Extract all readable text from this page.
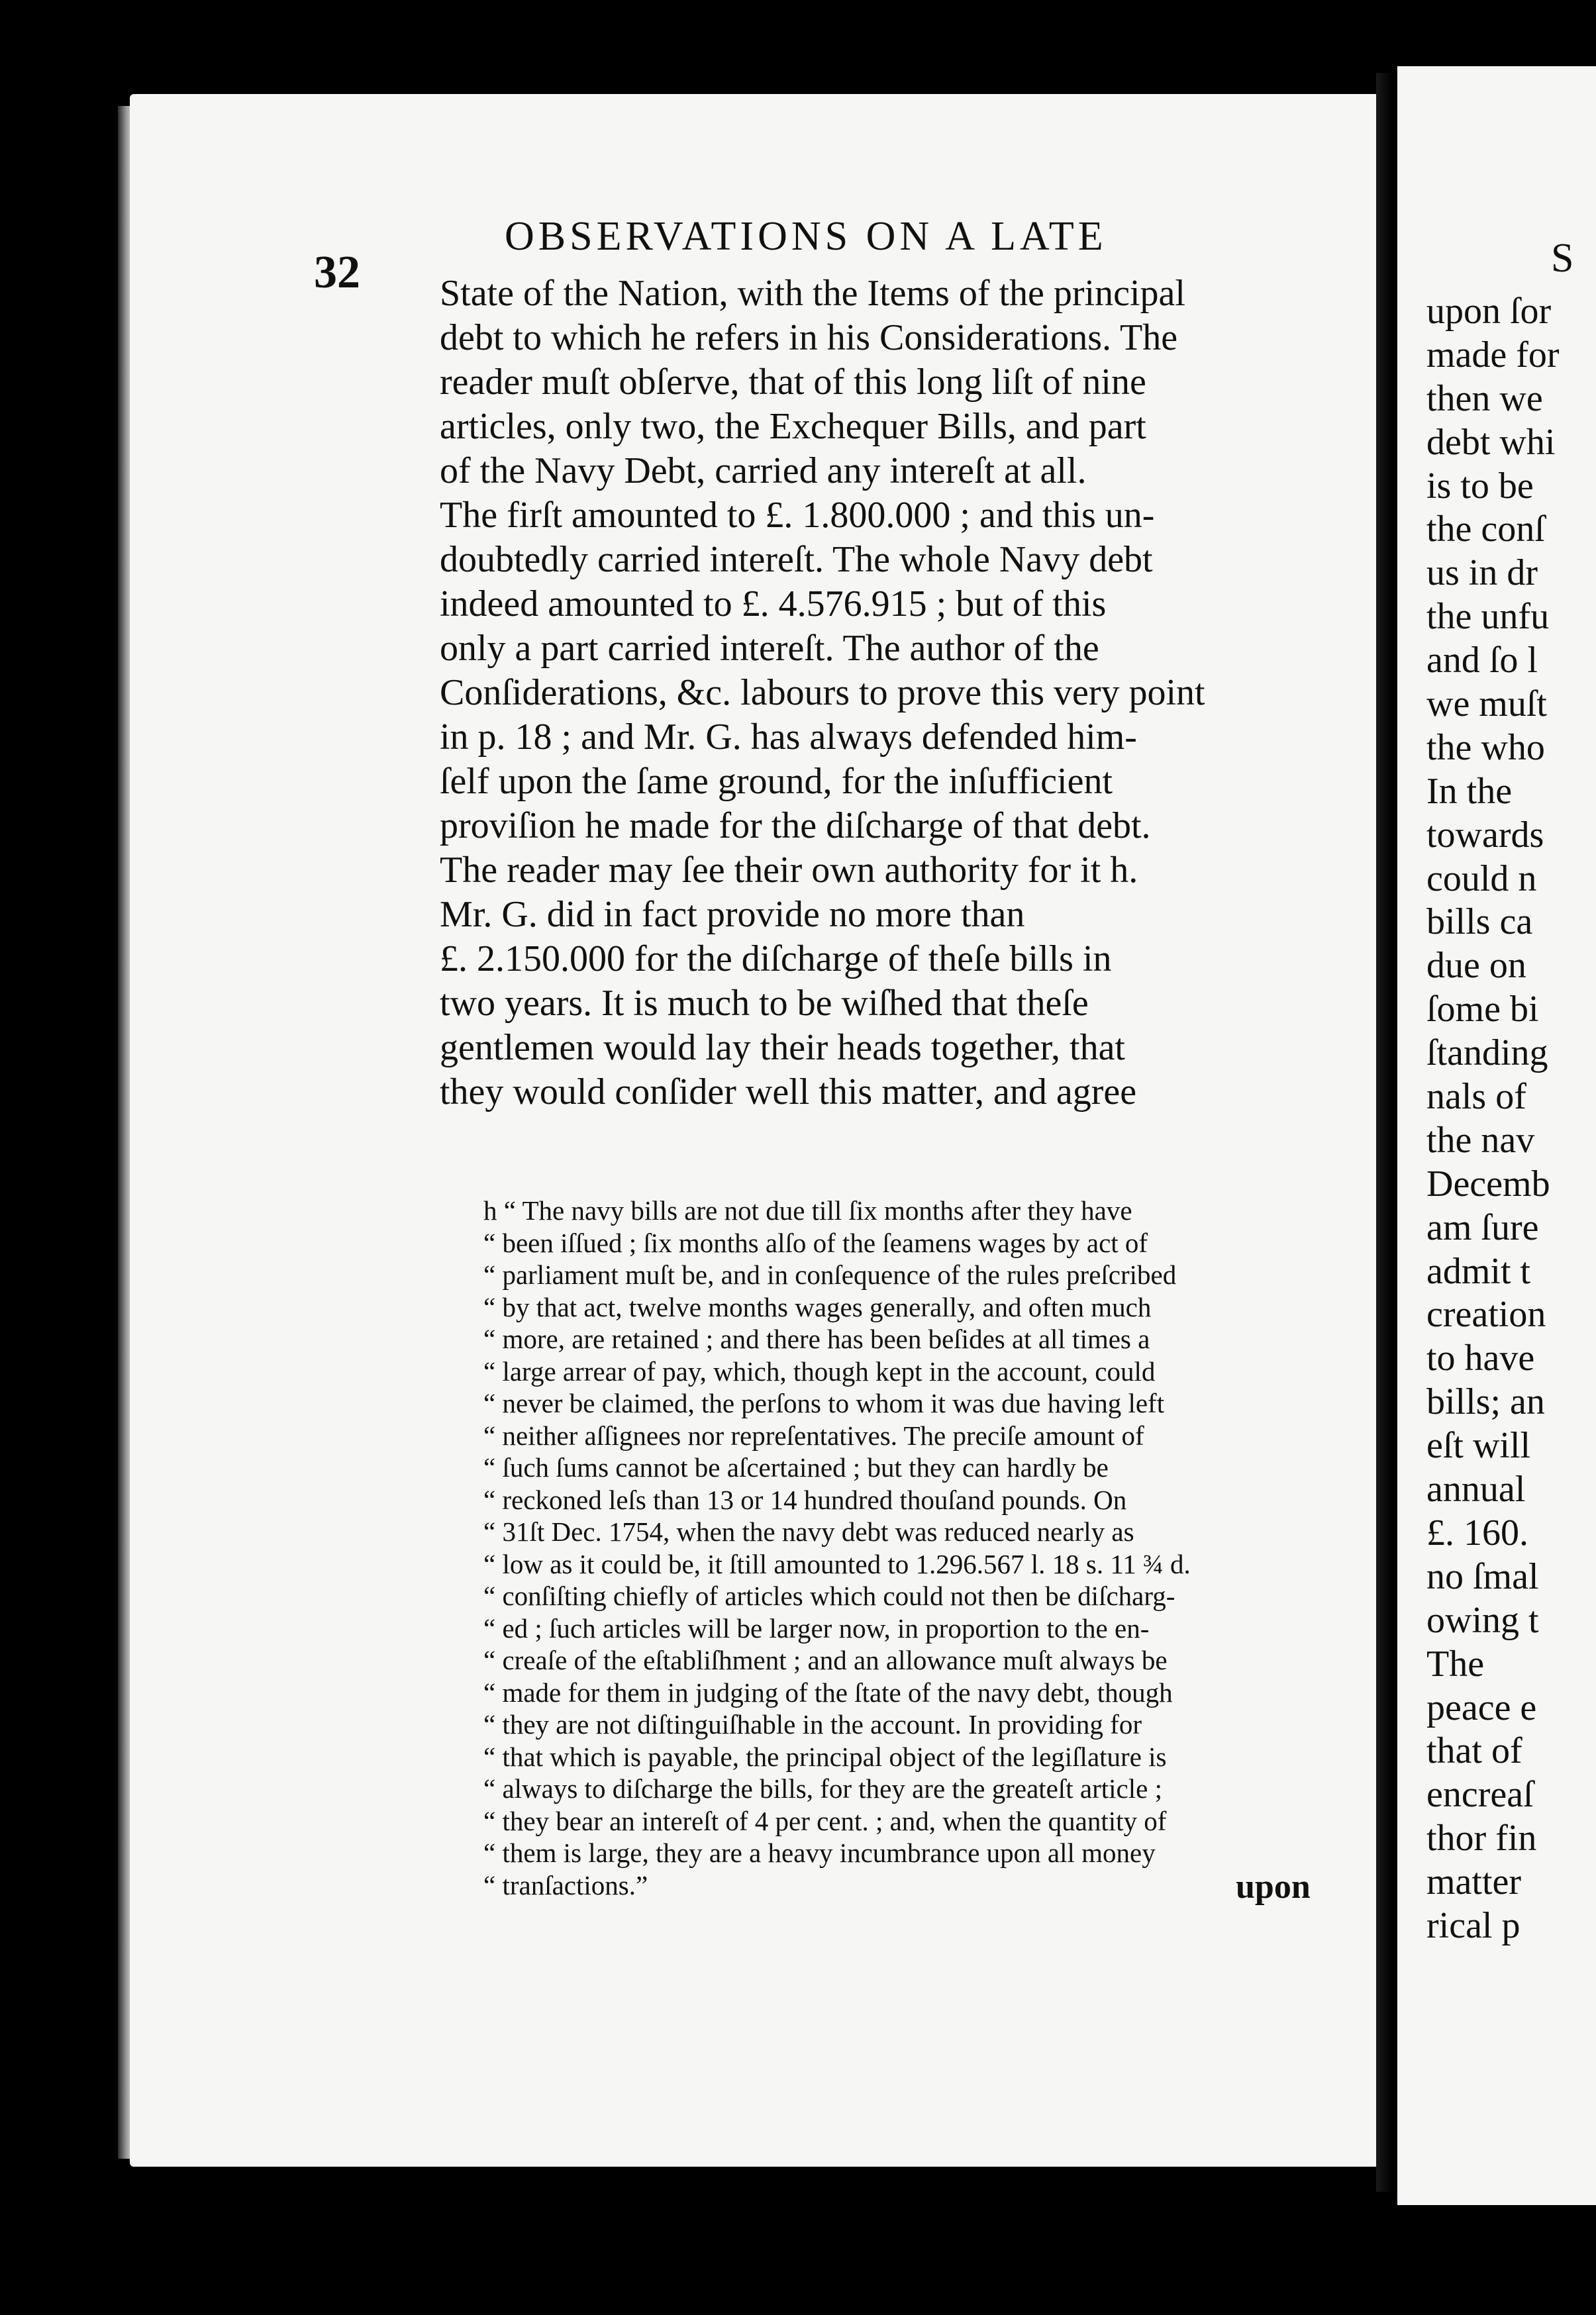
32
OBSERVATIONS ON A LATE
State of the Nation, with the Items of the principal
debt to which he refers in his Considerations. The
reader muſt obſerve, that of this long liſt of nine
articles, only two, the Exchequer Bills, and part
of the Navy Debt, carried any intereſt at all.
The firſt amounted to £. 1.800.000 ; and this un-
doubtedly carried intereſt. The whole Navy debt
indeed amounted to £. 4.576.915 ; but of this
only a part carried intereſt. The author of the
Conſiderations, &c. labours to prove this very point
in p. 18 ; and Mr. G. has always defended him-
ſelf upon the ſame ground, for the inſufficient
proviſion he made for the diſcharge of that debt.
The reader may ſee their own authority for it h.
Mr. G. did in fact provide no more than
£. 2.150.000 for the diſcharge of theſe bills in
two years. It is much to be wiſhed that theſe
gentlemen would lay their heads together, that
they would conſider well this matter, and agree
h “ The navy bills are not due till ſix months after they have
“ been iſſued ; ſix months alſo of the ſeamens wages by act of
“ parliament muſt be, and in conſequence of the rules preſcribed
“ by that act, twelve months wages generally, and often much
“ more, are retained ; and there has been beſides at all times a
“ large arrear of pay, which, though kept in the account, could
“ never be claimed, the perſons to whom it was due having left
“ neither aſſignees nor repreſentatives. The preciſe amount of
“ ſuch ſums cannot be aſcertained ; but they can hardly be
“ reckoned leſs than 13 or 14 hundred thouſand pounds. On
“ 31ſt Dec. 1754, when the navy debt was reduced nearly as
“ low as it could be, it ſtill amounted to 1.296.567 l. 18 s. 11 ¾ d.
“ conſiſting chiefly of articles which could not then be diſcharg-
“ ed ; ſuch articles will be larger now, in proportion to the en-
“ creaſe of the eſtabliſhment ; and an allowance muſt always be
“ made for them in judging of the ſtate of the navy debt, though
“ they are not diſtinguiſhable in the account. In providing for
“ that which is payable, the principal object of the legiſlature is
“ always to diſcharge the bills, for they are the greateſt article ;
“ they bear an intereſt of 4 per cent. ; and, when the quantity of
“ them is large, they are a heavy incumbrance upon all money
“ tranſactions.”	upon
S
upon ſor
made for
then we
debt whi
is to be
the conſ
us in dr
the unfu
and ſo l
we muſt
the who
In the
towards
could n
bills ca
due on
ſome bi
ſtanding
nals of
the nav
Decemb
am ſure
admit t
creation
to have
bills; an
eſt will
annual
£. 160.
no ſmal
owing t
The
peace e
that of
encreaſ
thor fin
matter
rical p
